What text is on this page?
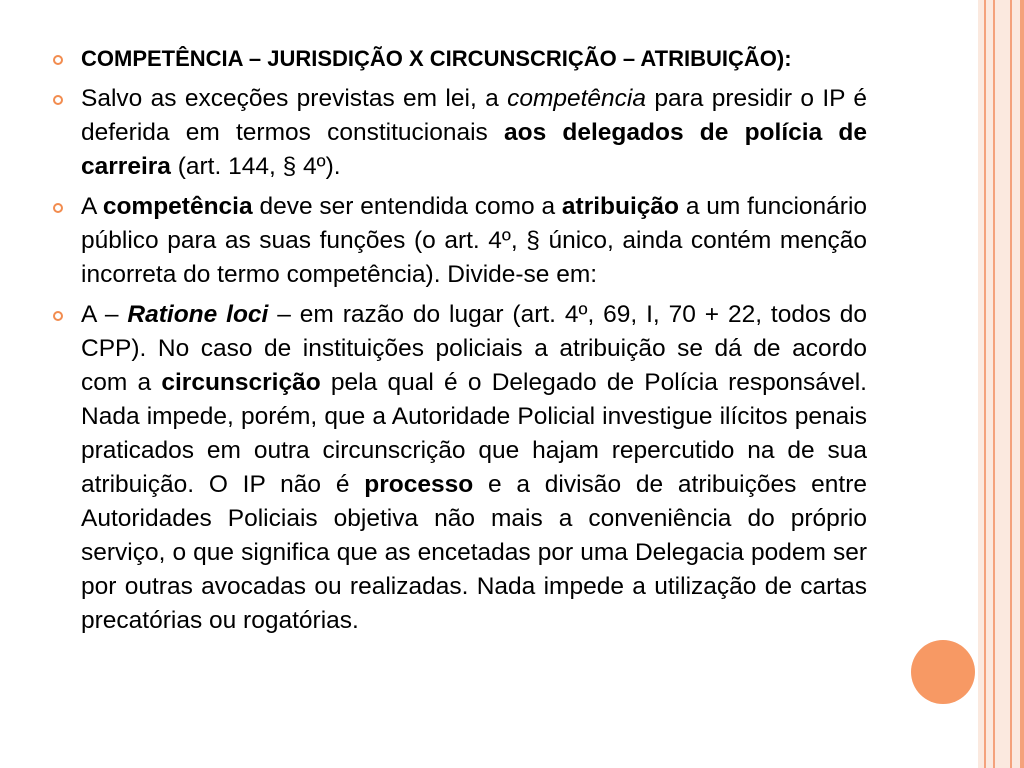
COMPETÊNCIA – JURISDIÇÃO X CIRCUNSCRIÇÃO – ATRIBUIÇÃO):
Salvo as exceções previstas em lei, a competência para presidir o IP é deferida em termos constitucionais aos delegados de polícia de carreira (art. 144, § 4º).
A competência deve ser entendida como a atribuição a um funcionário público para as suas funções (o art. 4º, § único, ainda contém menção incorreta do termo competência). Divide-se em:
A – Ratione loci – em razão do lugar (art. 4º, 69, I, 70 + 22, todos do CPP). No caso de instituições policiais a atribuição se dá de acordo com a circunscrição pela qual é o Delegado de Polícia responsável. Nada impede, porém, que a Autoridade Policial investigue ilícitos penais praticados em outra circunscrição que hajam repercutido na de sua atribuição. O IP não é processo e a divisão de atribuições entre Autoridades Policiais objetiva não mais a conveniência do próprio serviço, o que significa que as encetadas por uma Delegacia podem ser por outras avocadas ou realizadas. Nada impede a utilização de cartas precatórias ou rogatórias.
